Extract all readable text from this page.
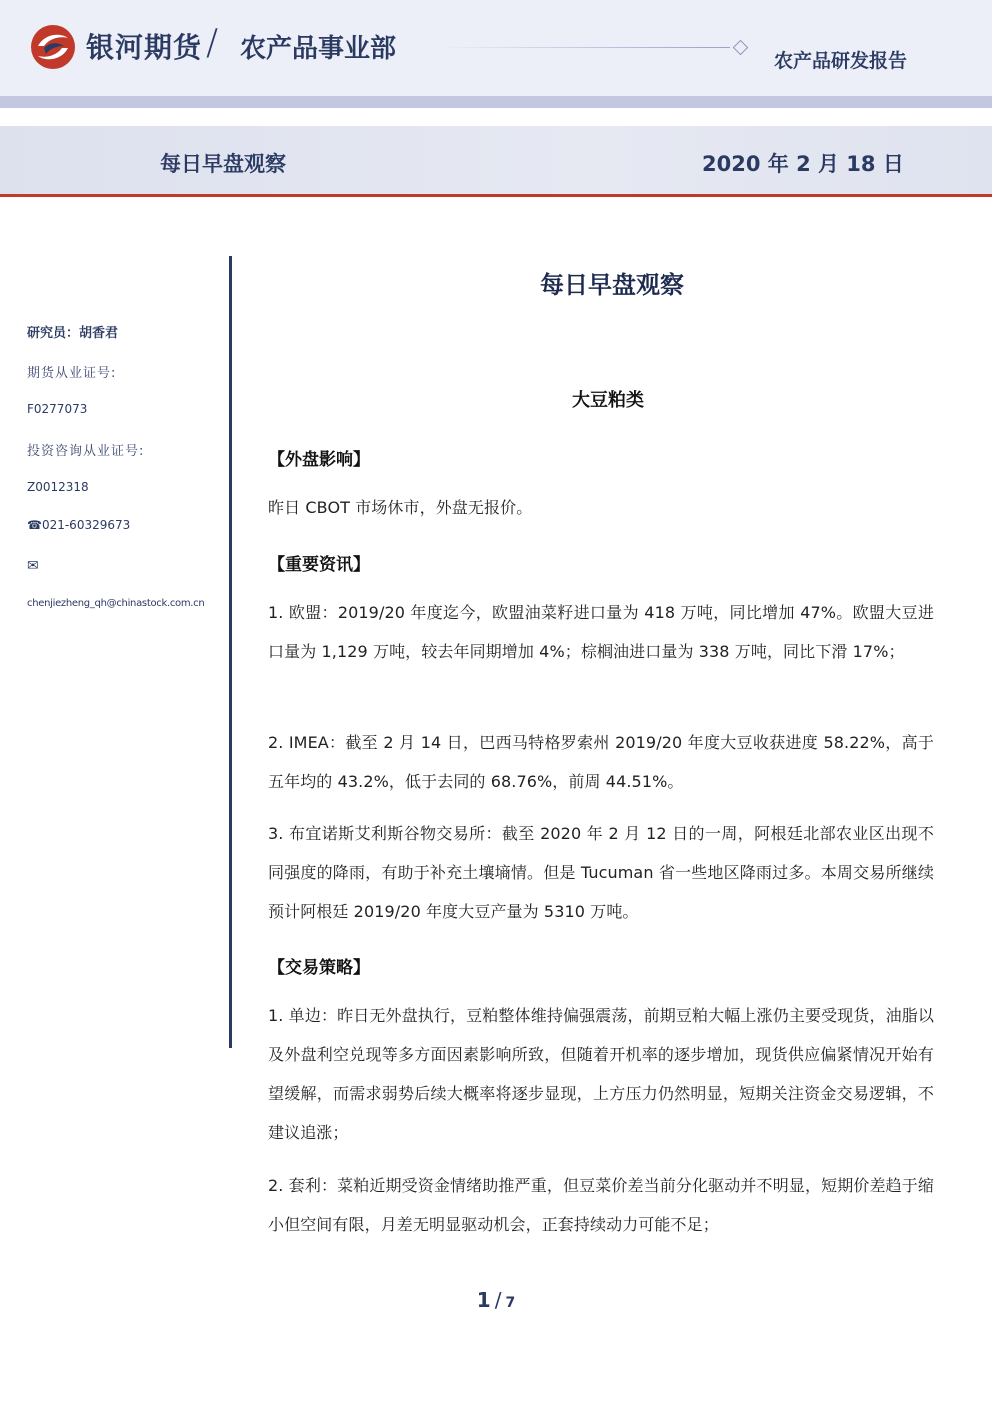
银河期货 / 农产品事业部	农产品研发报告
每日早盘观察	2020 年 2 月 18 日
研究员：胡香君
期货从业证号:
F0277073
投资咨询从业证号:
Z0012318
☎021-60329673
✉
chenjiezheng_qh@chinastock.com.cn
每日早盘观察
大豆粕类
【外盘影响】
昨日 CBOT 市场休市，外盘无报价。
【重要资讯】
1. 欧盟：2019/20 年度迄今，欧盟油菜籽进口量为 418 万吨，同比增加 47%。欧盟大豆进口量为 1,129 万吨，较去年同期增加 4%；棕榈油进口量为 338 万吨，同比下滑 17%；
2. IMEA：截至 2 月 14 日，巴西马特格罗索州 2019/20 年度大豆收获进度 58.22%，高于五年均的 43.2%，低于去同的 68.76%，前周 44.51%。
3. 布宜诺斯艾利斯谷物交易所：截至 2020 年 2 月 12 日的一周，阿根廷北部农业区出现不同强度的降雨，有助于补充土壤墒情。但是 Tucuman 省一些地区降雨过多。本周交易所继续预计阿根廷 2019/20 年度大豆产量为 5310 万吨。
【交易策略】
1. 单边：昨日无外盘执行，豆粕整体维持偏强震荡，前期豆粕大幅上涨仍主要受现货，油脂以及外盘利空兑现等多方面因素影响所致，但随着开机率的逐步增加，现货供应偏紧情况开始有望缓解，而需求弱势后续大概率将逐步显现，上方压力仍然明显，短期关注资金交易逻辑，不建议追涨；
2. 套利：菜粕近期受资金情绪助推严重，但豆菜价差当前分化驱动并不明显，短期价差趋于缩小但空间有限，月差无明显驱动机会，正套持续动力可能不足；
1 / 7
